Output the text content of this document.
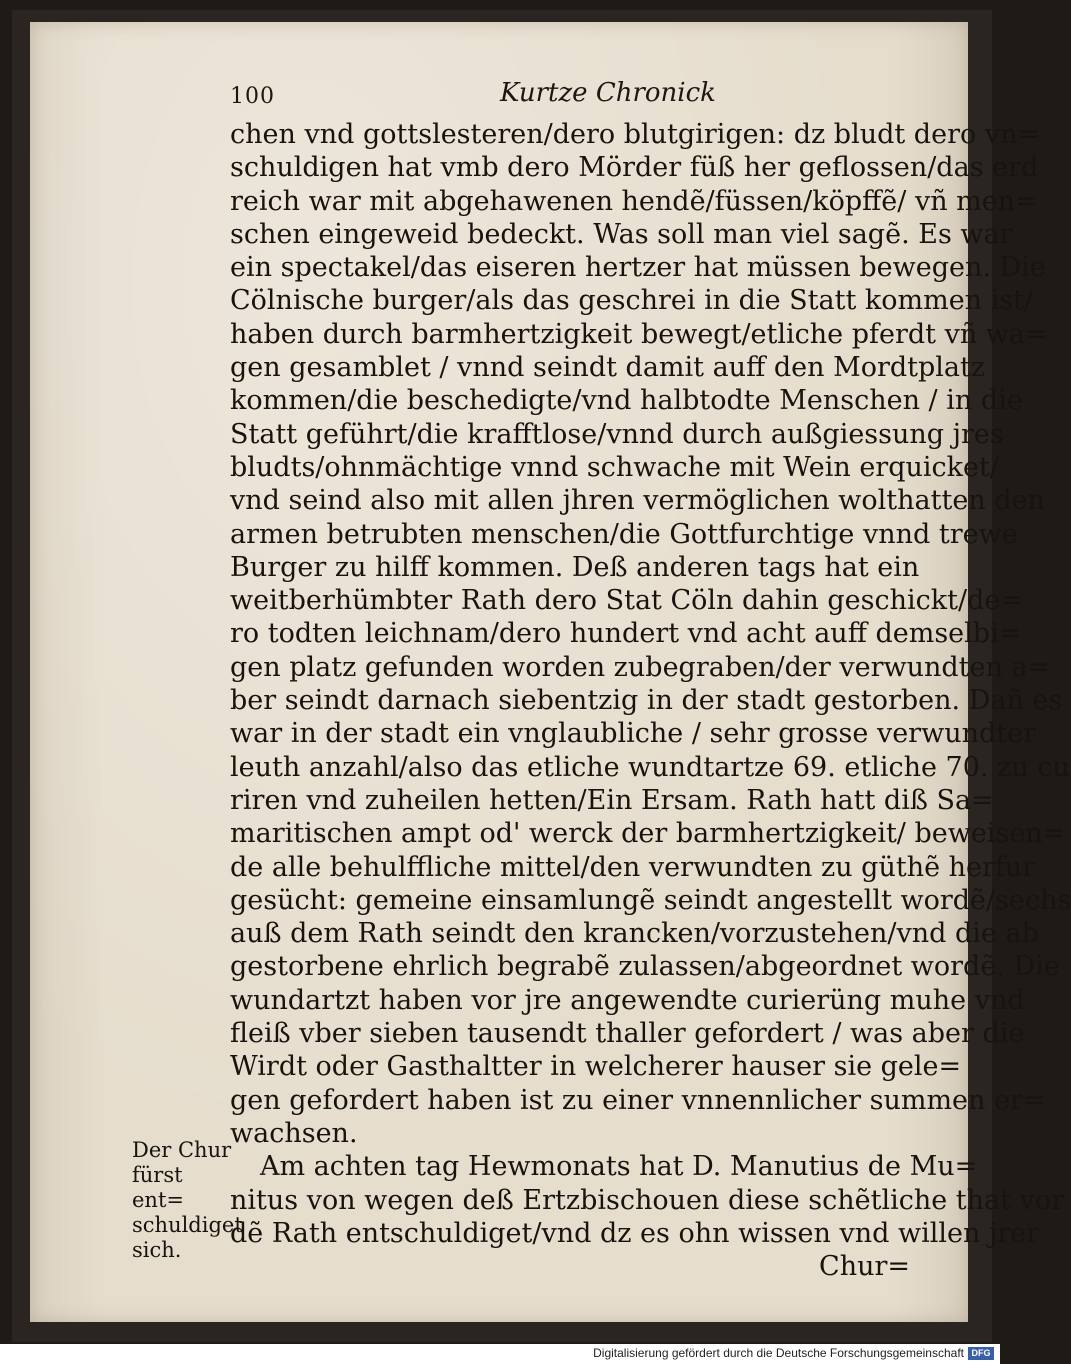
100	Kurtze Chronick
chen vnd gottslesteren/dero blutgirigen: dz bludt dero vn=
schuldigen hat vmb dero Mörder füß her geflossen/das erd
reich war mit abgehawenen hendẽ/füssen/köpffẽ/ vñ men=
schen eingeweid bedeckt. Was soll man viel sagẽ. Es war
ein spectakel/das eiseren hertzer hat müssen bewegen. Die
Cölnische burger/als das geschrei in die Statt kommen ist/
haben durch barmhertzigkeit bewegt/etliche pferdt vñ wa=
gen gesamblet / vnnd seindt damit auff den Mordtplatz
kommen/die beschedigte/vnd halbtodte Menschen / in die
Statt geführt/die krafftlose/vnnd durch außgiessung jres
bludts/ohnmächtige vnnd schwache mit Wein erquicket/
vnd seind also mit allen jhren vermöglichen wolthatten den
armen betrubten menschen/die Gottfurchtige vnnd trewe
Burger zu hilff kommen. Deß anderen tags hat ein
weitberhümbter Rath dero Stat Cöln dahin geschickt/de=
ro todten leichnam/dero hundert vnd acht auff demselbi=
gen platz gefunden worden zubegraben/der verwundten a=
ber seindt darnach siebentzig in der stadt gestorben. Dañ es
war in der stadt ein vnglaubliche / sehr grosse verwundter
leuth anzahl/also das etliche wundtartze 69. etliche 70. zu cu
riren vnd zuheilen hetten/Ein Ersam. Rath hatt diß Sa=
maritischen ampt od' werck der barmhertzigkeit/ beweisen=
de alle behulffliche mittel/den verwundten zu güthẽ herfur
gesücht: gemeine einsamlungẽ seindt angestellt wordẽ/sechs
auß dem Rath seindt den krancken/vorzustehen/vnd die ab
gestorbene ehrlich begrabẽ zulassen/abgeordnet wordẽ. Die
wundartzt haben vor jre angewendte curierüng muhe vnd
fleiß vber sieben tausendt thaller gefordert / was aber die
Wirdt oder Gasthaltter in welcherer hauser sie gele=
gen gefordert haben ist zu einer vnnennlicher summen er=
wachsen.
Am achten tag Hewmonats hat D. Manutius de Mu=
nitus von wegen deß Ertzbischouen diese schẽtliche that vor
dẽ Rath entschuldiget/vnd dz es ohn wissen vnd willen jrer
Chur=
Der Chur
fürst ent=
schuldiget
sich.
Digitalisierung gefördert durch die Deutsche Forschungsgemeinschaft DFG
